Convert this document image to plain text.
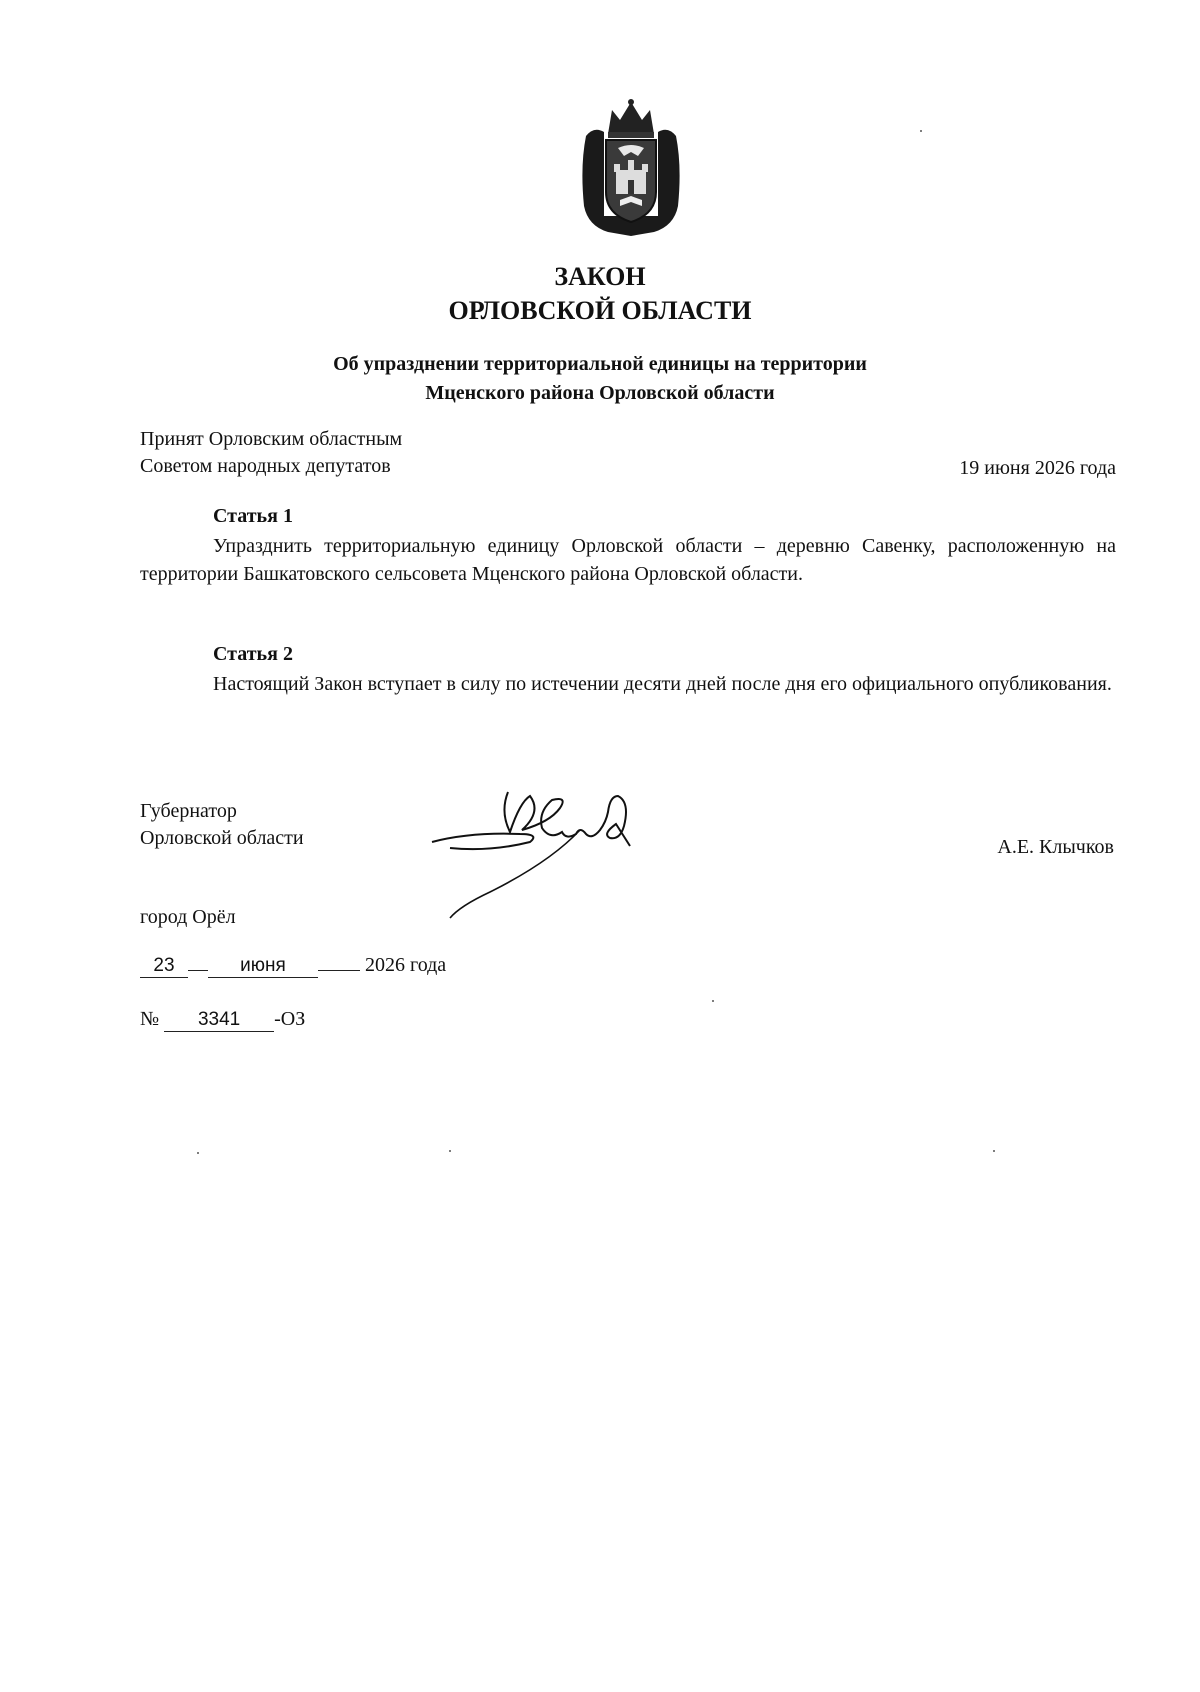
ЗАКОН
ОРЛОВСКОЙ ОБЛАСТИ
Об упразднении территориальной единицы на территории
Мценского района Орловской области
Принят Орловским областным
Советом народных депутатов	19 июня 2026 года
Статья 1
Упразднить территориальную единицу Орловской области – деревню Савенку, расположенную на территории Башкатовского сельсовета Мценского района Орловской области.
Статья 2
Настоящий Закон вступает в силу по истечении десяти дней после дня его официального опубликования.
Губернатор
Орловской области	А.Е. Клычков
город Орёл
23	июня	2026 года
№ 3341 -ОЗ
